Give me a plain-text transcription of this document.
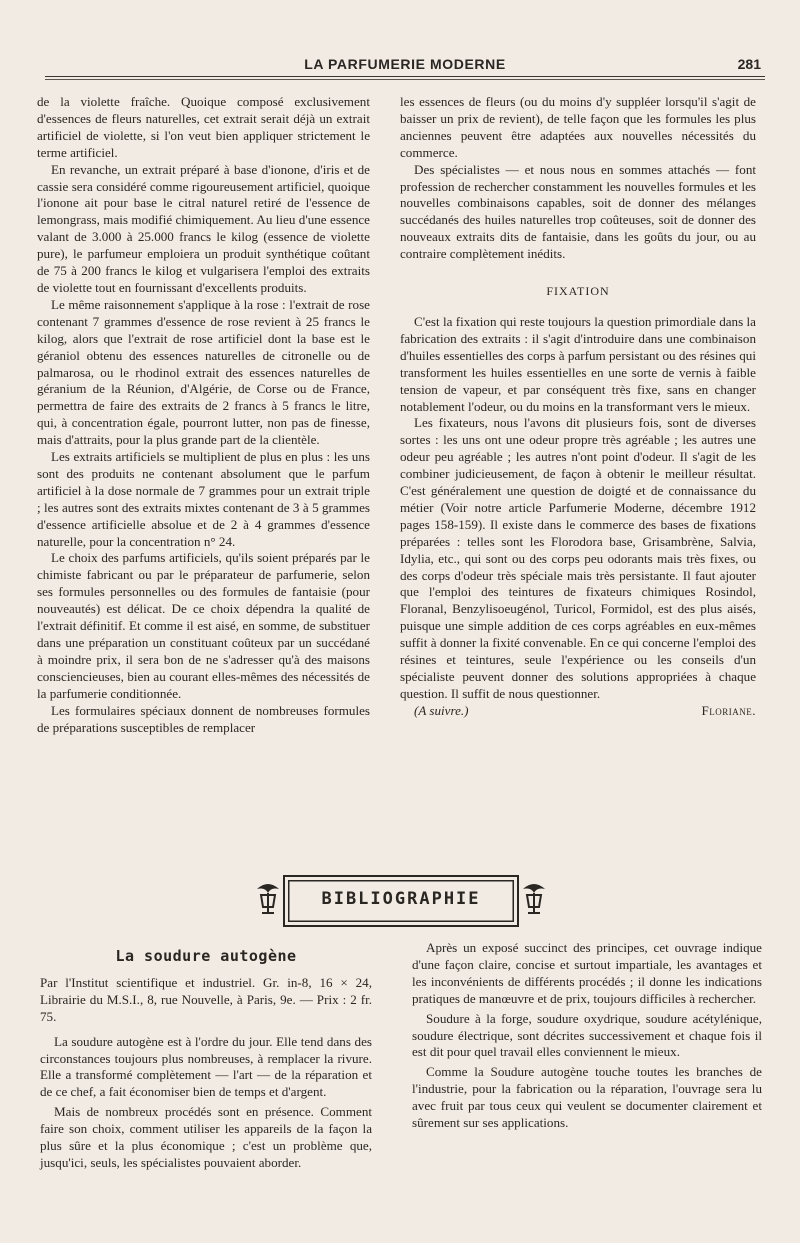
LA PARFUMERIE MODERNE	281

de la violette fraîche. Quoique composé exclusivement d'essences de fleurs naturelles, cet extrait serait déjà un extrait artificiel de violette, si l'on veut bien appliquer strictement le terme artificiel.

En revanche, un extrait préparé à base d'ionone, d'iris et de cassie sera considéré comme rigoureusement artificiel, quoique l'ionone ait pour base le citral naturel retiré de l'essence de lemongrass, mais modifié chimiquement. Au lieu d'une essence valant de 3.000 à 25.000 francs le kilog (essence de violette pure), le parfumeur emploiera un produit synthétique coûtant de 75 à 200 francs le kilog et vulgarisera l'emploi des extraits de violette tout en fournissant d'excellents produits.

Le même raisonnement s'applique à la rose : l'extrait de rose contenant 7 grammes d'essence de rose revient à 25 francs le kilog, alors que l'extrait de rose artificiel dont la base est le géraniol obtenu des essences naturelles de citronelle ou de palmarosa, ou le rhodinol extrait des essences naturelles de géranium de la Réunion, d'Algérie, de Corse ou de France, permettra de faire des extraits de 2 francs à 5 francs le litre, qui, à concentration égale, pourront lutter, non pas de finesse, mais d'attraits, pour la plus grande part de la clientèle.

Les extraits artificiels se multiplient de plus en plus : les uns sont des produits ne contenant absolument que le parfum artificiel à la dose normale de 7 grammes pour un extrait triple ; les autres sont des extraits mixtes contenant de 3 à 5 grammes d'essence artificielle absolue et de 2 à 4 grammes d'essence naturelle, pour la concentration n° 24.

Le choix des parfums artificiels, qu'ils soient préparés par le chimiste fabricant ou par le préparateur de parfumerie, selon ses formules personnelles ou des formules de fantaisie (pour nouveautés) est délicat. De ce choix dépendra la qualité de l'extrait définitif. Et comme il est aisé, en somme, de substituer dans une préparation un constituant coûteux par un succédané à moindre prix, il sera bon de ne s'adresser qu'à des maisons consciencieuses, bien au courant elles-mêmes des nécessités de la parfumerie conditionnée.

Les formulaires spéciaux donnent de nombreuses formules de préparations susceptibles de remplacer

les essences de fleurs (ou du moins d'y suppléer lorsqu'il s'agit de baisser un prix de revient), de telle façon que les formules les plus anciennes peuvent être adaptées aux nouvelles nécessités du commerce.

Des spécialistes — et nous nous en sommes attachés — font profession de rechercher constamment les nouvelles formules et les nouvelles combinaisons capables, soit de donner des mélanges succédanés des huiles naturelles trop coûteuses, soit de donner des nouveaux extraits dits de fantaisie, dans les goûts du jour, ou au contraire complètement inédits.

FIXATION

C'est la fixation qui reste toujours la question primordiale dans la fabrication des extraits : il s'agit d'introduire dans une combinaison d'huiles essentielles des corps à parfum persistant ou des résines qui transforment les huiles essentielles en une sorte de vernis à faible tension de vapeur, et par conséquent très fixe, sans en changer notablement l'odeur, ou du moins en la transformant vers le mieux.

Les fixateurs, nous l'avons dit plusieurs fois, sont de diverses sortes : les uns ont une odeur propre très agréable ; les autres une odeur peu agréable ; les autres n'ont point d'odeur. Il s'agit de les combiner judicieusement, de façon à obtenir le meilleur résultat. C'est généralement une question de doigté et de connaissance du métier (Voir notre article Parfumerie Moderne, décembre 1912 pages 158-159). Il existe dans le commerce des bases de fixations préparées : telles sont les Florodora base, Grisambrène, Salvia, Idylia, etc., qui sont ou des corps peu odorants mais très fixes, ou des corps d'odeur très spéciale mais très persistante. Il faut ajouter que l'emploi des teintures de fixateurs chimiques Rosindol, Floranal, Benzylisoeugénol, Turicol, Formidol, est des plus aisés, puisque une simple addition de ces corps agréables en eux-mêmes suffit à donner la fixité convenable. En ce qui concerne l'emploi des résines et teintures, seule l'expérience ou les conseils d'un spécialiste peuvent donner des solutions appropriées à chaque question. Il suffit de nous questionner.

(A suivre.)	Floriane.
BIBLIOGRAPHIE
La soudure autogène

Par l'Institut scientifique et industriel. Gr. in-8, 16 × 24, Librairie du M.S.I., 8, rue Nouvelle, à Paris, 9e. — Prix : 2 fr. 75.

La soudure autogène est à l'ordre du jour. Elle tend dans des circonstances toujours plus nombreuses, à remplacer la rivure. Elle a transformé complètement — l'art — de la réparation et de ce chef, a fait économiser bien de temps et d'argent.

Mais de nombreux procédés sont en présence. Comment faire son choix, comment utiliser les appareils de la façon la plus sûre et la plus économique ; c'est un problème que, jusqu'ici, seuls, les spécialistes pouvaient aborder.

Après un exposé succinct des principes, cet ouvrage indique d'une façon claire, concise et surtout impartiale, les avantages et les inconvénients de différents procédés ; il donne les indications pratiques de manœuvre et de prix, toujours difficiles à rechercher.

Soudure à la forge, soudure oxydrique, soudure acétylénique, soudure électrique, sont décrites successivement et chaque fois il est dit pour quel travail elles conviennent le mieux.

Comme la Soudure autogène touche toutes les branches de l'industrie, pour la fabrication ou la réparation, l'ouvrage sera lu avec fruit par tous ceux qui veulent se documenter clairement et sûrement sur ses applications.
